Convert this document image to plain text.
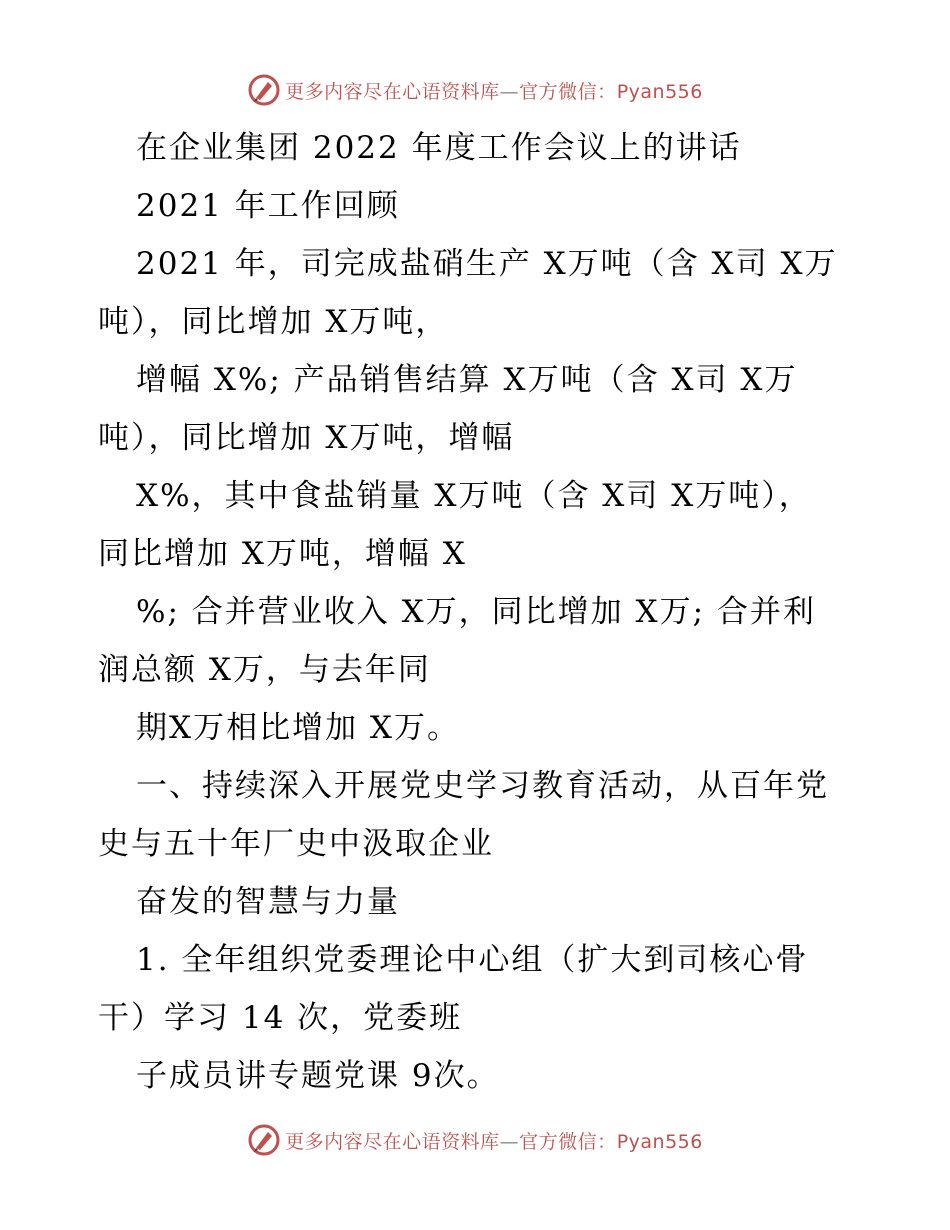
更多内容尽在心语资料库—官方微信：Pyan556
在企业集团 2022 年度工作会议上的讲话
2021 年工作回顾
2021 年，司完成盐硝生产 X万吨（含 X司 X万
吨），同比增加 X万吨，
增幅 X%; 产品销售结算 X万吨（含 X司 X万
吨），同比增加 X万吨，增幅
X%，其中食盐销量 X万吨（含 X司 X万吨），
同比增加 X万吨，增幅 X
%; 合并营业收入 X万，同比增加 X万; 合并利
润总额 X万，与去年同
期X万相比增加 X万。
一、持续深入开展党史学习教育活动，从百年党
史与五十年厂史中汲取企业
奋发的智慧与力量
1. 全年组织党委理论中心组（扩大到司核心骨
干）学习 14 次，党委班
子成员讲专题党课 9次。
更多内容尽在心语资料库—官方微信：Pyan556
